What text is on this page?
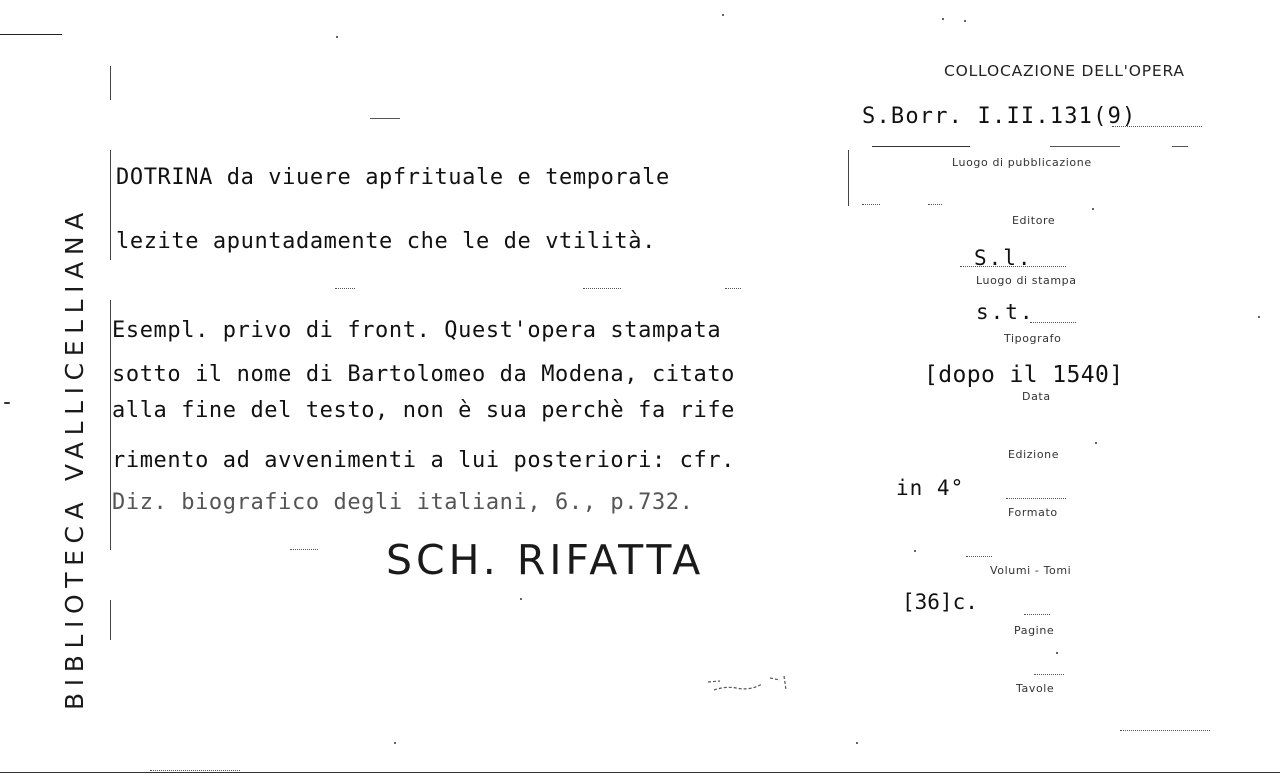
BIBLIOTECA VALLICELLIANA
COLLOCAZIONE DELL'OPERA
S.Borr. I.II.131(9)
DOTRINA da viuere apfrituale e temporale
lezite apuntadamente che le de vtilità.
Esempl. privo di front. Quest'opera stampata
sotto il nome di Bartolomeo da Modena, citato
alla fine del testo, non è sua perchè fa rife
rimento ad avvenimenti a lui posteriori: cfr.
Diz. biografico degli italiani, 6., p.732.
SCH. RIFATTA
Luogo di pubblicazione
Editore
S.l.
Luogo di stampa
s.t.
Tipografo
[dopo il 1540]
Data
Edizione
in 4°
Formato
Volumi - Tomi
[36]c.
Pagine
Tavole
